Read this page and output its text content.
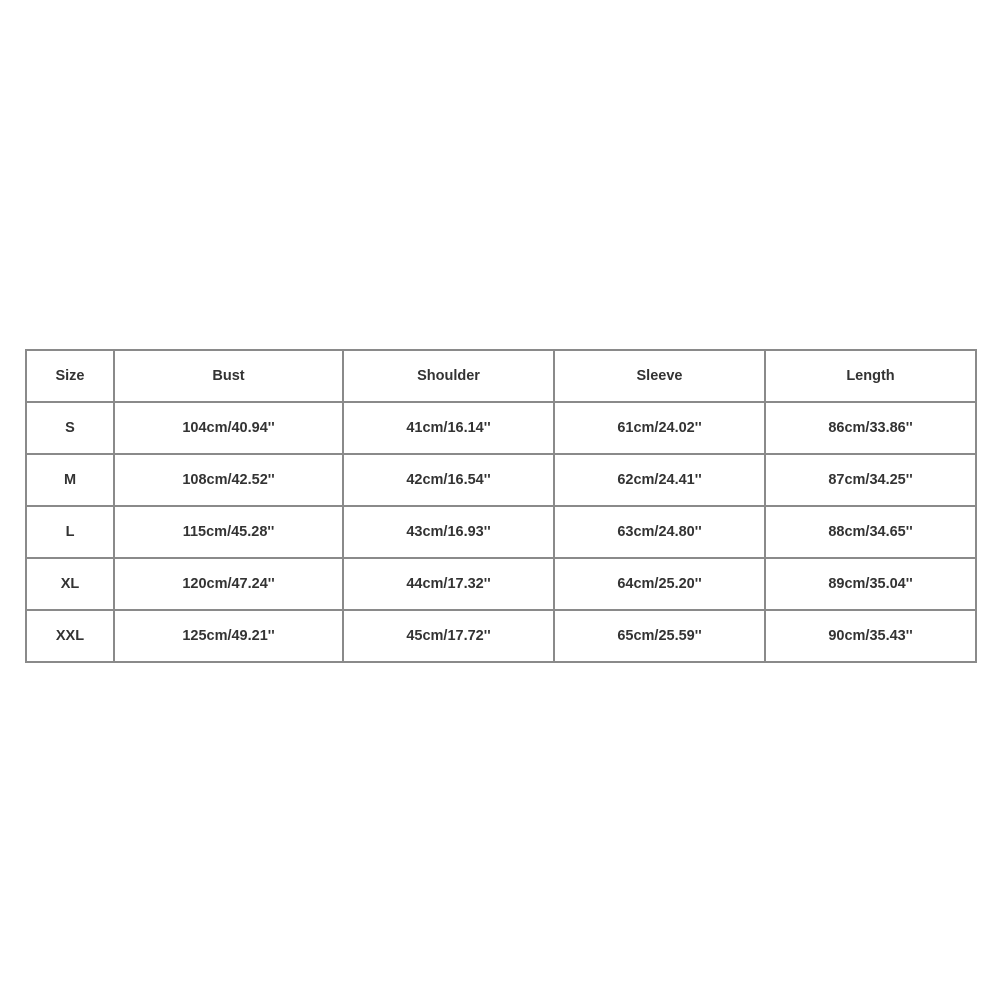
Size	Bust	Shoulder	Sleeve	Length
S	104cm/40.94''	41cm/16.14''	61cm/24.02''	86cm/33.86''
M	108cm/42.52''	42cm/16.54''	62cm/24.41''	87cm/34.25''
L	115cm/45.28''	43cm/16.93''	63cm/24.80''	88cm/34.65''
XL	120cm/47.24''	44cm/17.32''	64cm/25.20''	89cm/35.04''
XXL	125cm/49.21''	45cm/17.72''	65cm/25.59''	90cm/35.43''
